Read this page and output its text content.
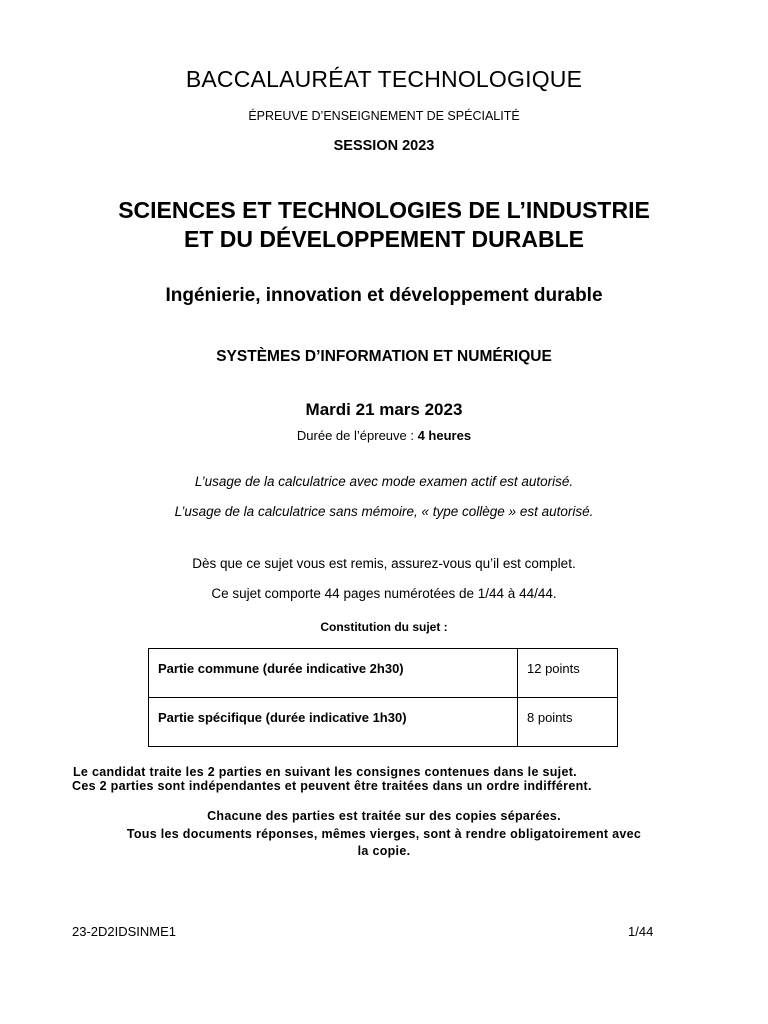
BACCALAURÉAT TECHNOLOGIQUE
ÉPREUVE D’ENSEIGNEMENT DE SPÉCIALITÉ
SESSION 2023
SCIENCES ET TECHNOLOGIES DE L’INDUSTRIE
ET DU DÉVELOPPEMENT DURABLE
Ingénierie, innovation et développement durable
SYSTÈMES D’INFORMATION ET NUMÉRIQUE
Mardi 21 mars 2023
Durée de l’épreuve : 4 heures
L’usage de la calculatrice avec mode examen actif est autorisé.
L’usage de la calculatrice sans mémoire, « type collège » est autorisé.
Dès que ce sujet vous est remis, assurez-vous qu’il est complet.
Ce sujet comporte 44 pages numérotées de 1/44 à 44/44.
Constitution du sujet :
Partie commune (durée indicative 2h30)	12 points
Partie spécifique (durée indicative 1h30)	8 points
Le candidat traite les 2 parties en suivant les consignes contenues dans le sujet.
Ces 2 parties sont indépendantes et peuvent être traitées dans un ordre indifférent.
Chacune des parties est traitée sur des copies séparées.
Tous les documents réponses, mêmes vierges, sont à rendre obligatoirement avec
la copie.
23-2D2IDSINME1	1/44
